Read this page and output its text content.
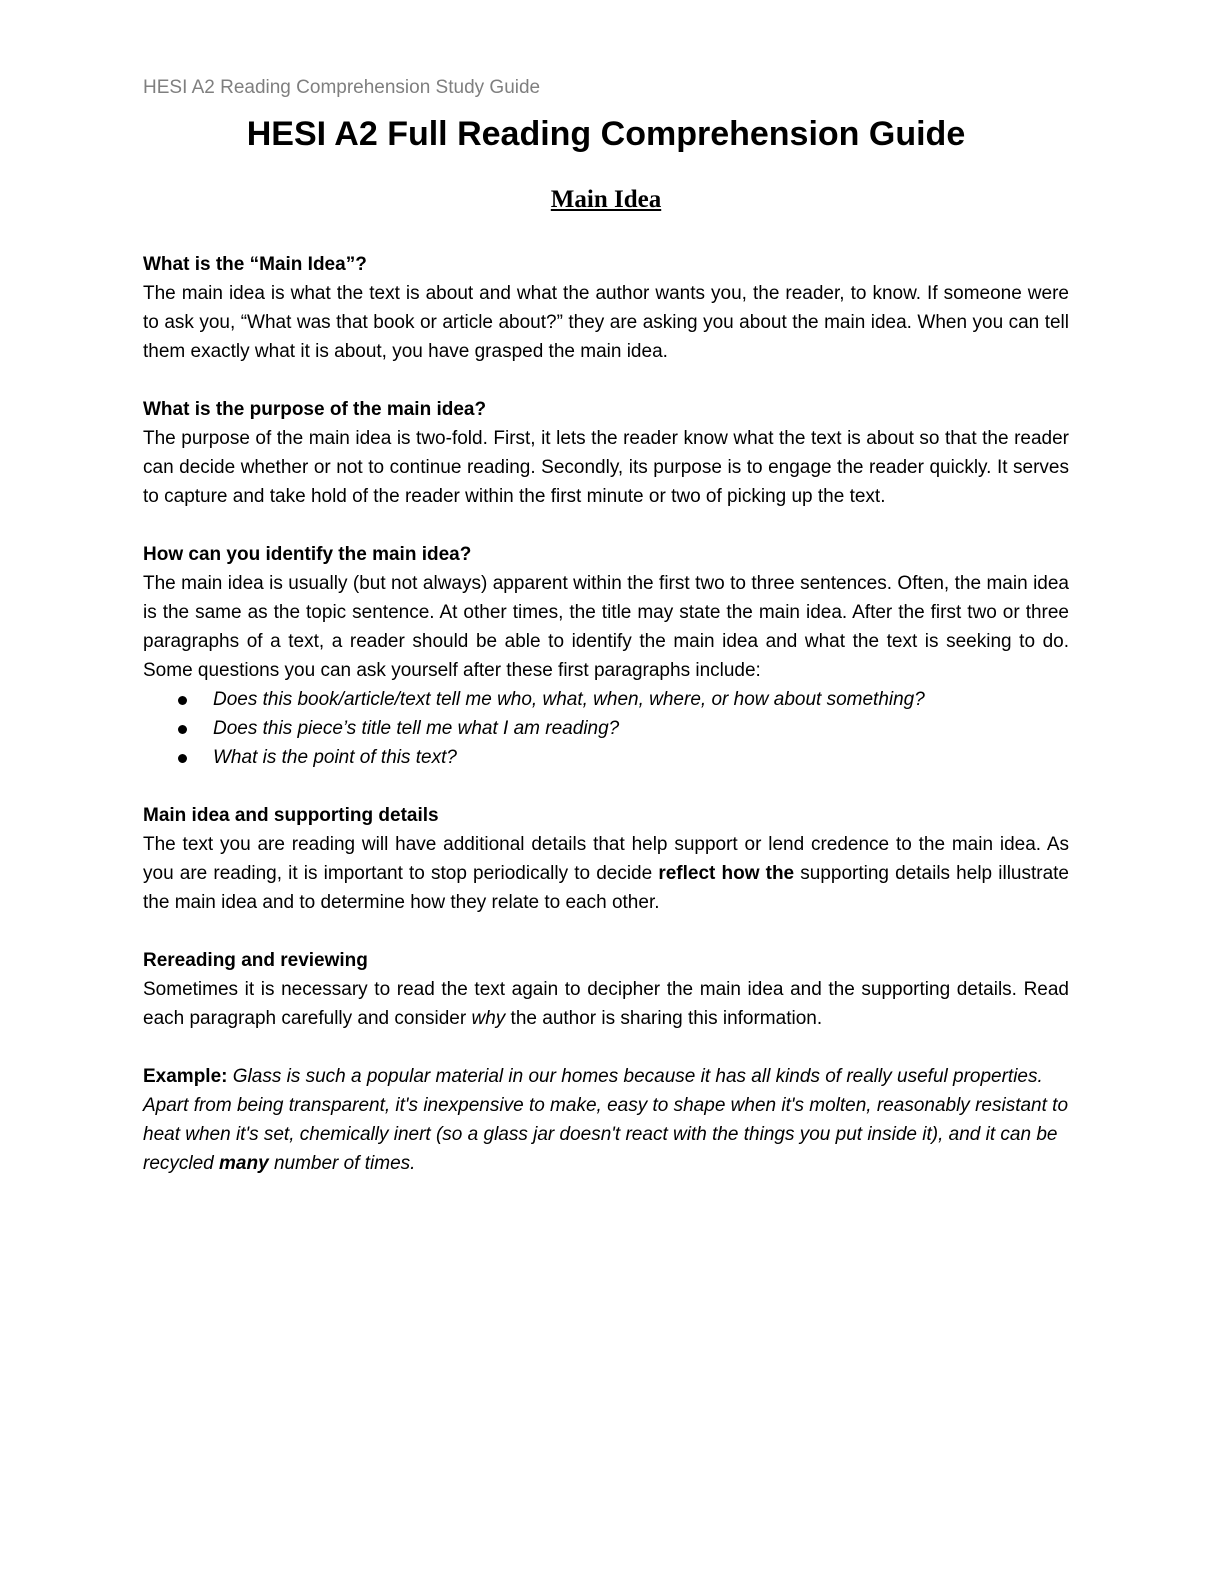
HESI A2 Reading Comprehension Study Guide

HESI A2 Full Reading Comprehension Guide
Main Idea

What is the “Main Idea”?

The main idea is what the text is about and what the author wants you, the reader, to know. If someone were to ask you, “What was that book or article about?” they are asking you about the main idea. When you can tell them exactly what it is about, you have grasped the main idea.

What is the purpose of the main idea?

The purpose of the main idea is two-fold. First, it lets the reader know what the text is about so that the reader can decide whether or not to continue reading. Secondly, its purpose is to engage the reader quickly. It serves to capture and take hold of the reader within the first minute or two of picking up the text.

How can you identify the main idea?

The main idea is usually (but not always) apparent within the first two to three sentences. Often, the main idea is the same as the topic sentence. At other times, the title may state the main idea. After the first two or three paragraphs of a text, a reader should be able to identify the main idea and what the text is seeking to do. Some questions you can ask yourself after these first paragraphs include:

Does this book/article/text tell me who, what, when, where, or how about something?
Does this piece’s title tell me what I am reading?
What is the point of this text?

Main idea and supporting details

The text you are reading will have additional details that help support or lend credence to the main idea. As you are reading, it is important to stop periodically to decide reflect how the supporting details help illustrate the main idea and to determine how they relate to each other.

Rereading and reviewing

Sometimes it is necessary to read the text again to decipher the main idea and the supporting details. Read each paragraph carefully and consider why the author is sharing this information.

Example: Glass is such a popular material in our homes because it has all kinds of really useful properties. Apart from being transparent, it's inexpensive to make, easy to shape when it's molten, reasonably resistant to heat when it's set, chemically inert (so a glass jar doesn't react with the things you put inside it), and it can be recycled many number of times.
